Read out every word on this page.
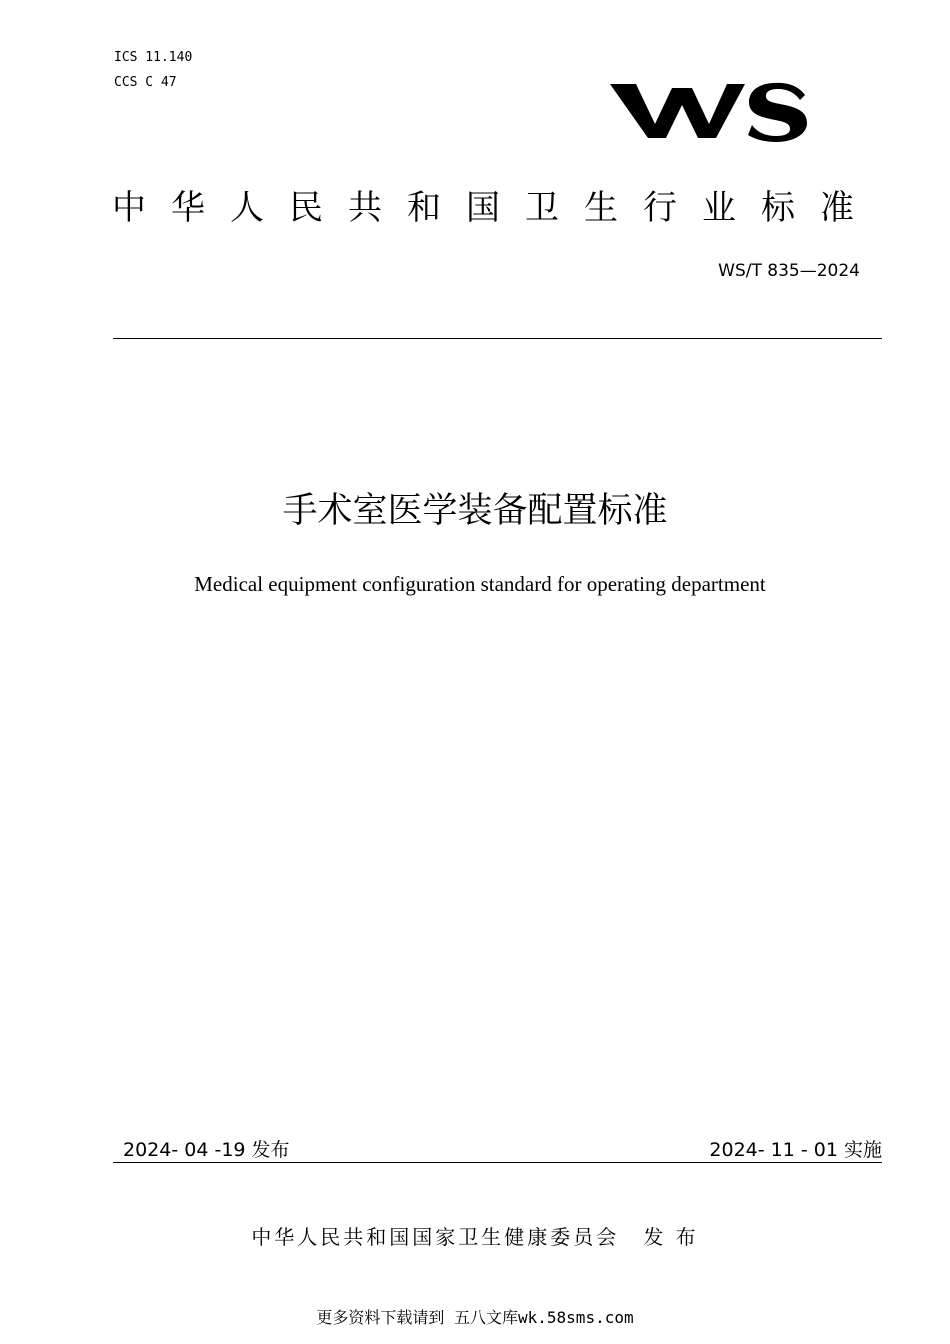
ICS 11.140
CCS C 47
中华人民共和国卫生行业标准
WS/T 835—2024
手术室医学装备配置标准
Medical equipment configuration standard for operating department
2024- 04 -19 发布	2024- 11 - 01 实施
中华人民共和国国家卫生健康委员会 发 布
更多资料下载请到 五八文库wk.58sms.com
